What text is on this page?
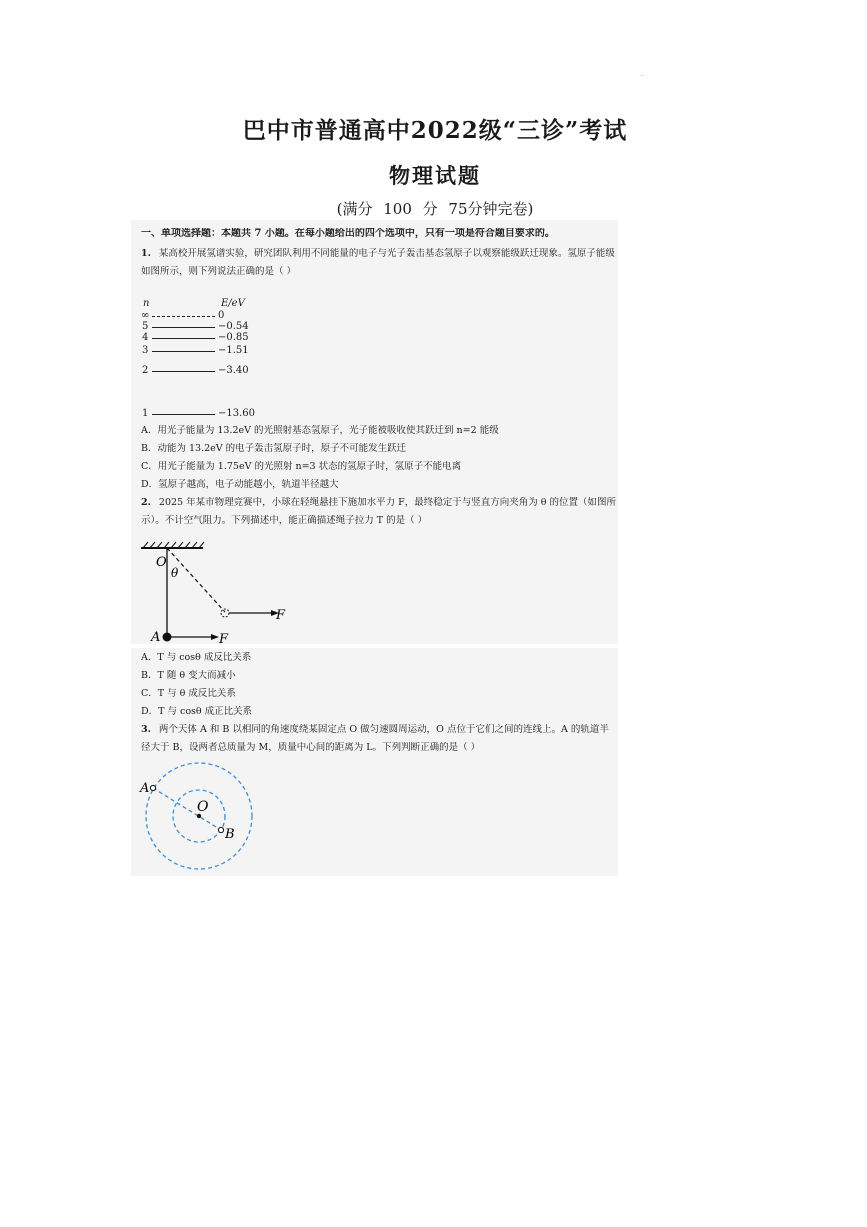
.
巴中市普通高中2022级“三诊”考试
物理试题
(满分 100 分 75分钟完卷)
一、单项选择题：本题共 7 小题。在每小题给出的四个选项中，只有一项是符合题目要求的。
1. 某高校开展氢谱实验，研究团队利用不同能量的电子与光子轰击基态氢原子以观察能级跃迁现象。氢原子能级
如图所示，则下列说法正确的是（ ）
n	E/eV
∞	0
5	−0.54
4	−0.85
3	−1.51
2	−3.40
1	−13.60
A．用光子能量为 13.2eV 的光照射基态氢原子，光子能被吸收使其跃迁到 n=2 能级
B．动能为 13.2eV 的电子轰击氢原子时，原子不可能发生跃迁
C．用光子能量为 1.75eV 的光照射 n=3 状态的氢原子时，氢原子不能电离
D．氢原子越高，电子动能越小，轨道半径越大
2. 2025 年某市物理竞赛中，小球在轻绳悬挂下施加水平力 F，最终稳定于与竖直方向夹角为 θ 的位置（如图所
示）。不计空气阻力。下列描述中，能正确描述绳子拉力 T 的是（ ）
O
θ
A
F
F
A．T 与 cosθ 成反比关系
B．T 随 θ 变大而减小
C．T 与 θ 成反比关系
D．T 与 cosθ 成正比关系
3. 两个天体 A 和 B 以相同的角速度绕某固定点 O 做匀速圆周运动，O 点位于它们之间的连线上。A 的轨道半
径大于 B，设两者总质量为 M，质量中心间的距离为 L。下列判断正确的是（ ）
A
O
B
